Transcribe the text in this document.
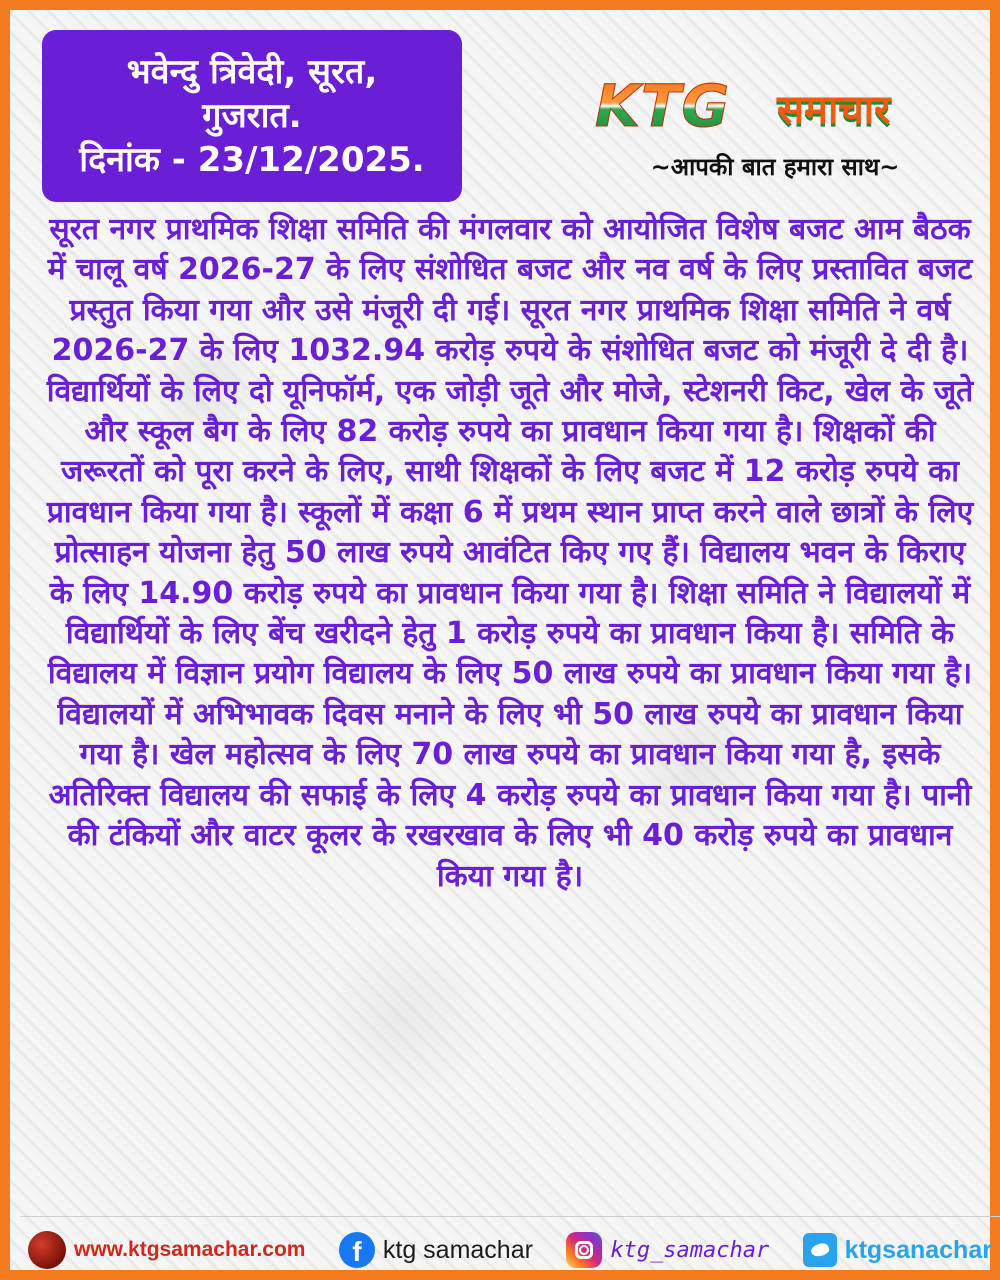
भवेन्दु त्रिवेदी, सूरत,
गुजरात.
दिनांक - 23/12/2025.
KTG समाचार
~आपकी बात हमारा साथ~

सूरत नगर प्राथमिक शिक्षा समिति की मंगलवार को आयोजित विशेष बजट आम बैठक में चालू वर्ष 2026-27 के लिए संशोधित बजट और नव वर्ष के लिए प्रस्तावित बजट प्रस्तुत किया गया और उसे मंजूरी दी गई। सूरत नगर प्राथमिक शिक्षा समिति ने वर्ष 2026-27 के लिए 1032.94 करोड़ रुपये के संशोधित बजट को मंजूरी दे दी है। विद्यार्थियों के लिए दो यूनिफॉर्म, एक जोड़ी जूते और मोजे, स्टेशनरी किट, खेल के जूते और स्कूल बैग के लिए 82 करोड़ रुपये का प्रावधान किया गया है। शिक्षकों की जरूरतों को पूरा करने के लिए, साथी शिक्षकों के लिए बजट में 12 करोड़ रुपये का प्रावधान किया गया है। स्कूलों में कक्षा 6 में प्रथम स्थान प्राप्त करने वाले छात्रों के लिए प्रोत्साहन योजना हेतु 50 लाख रुपये आवंटित किए गए हैं। विद्यालय भवन के किराए के लिए 14.90 करोड़ रुपये का प्रावधान किया गया है। शिक्षा समिति ने विद्यालयों में विद्यार्थियों के लिए बेंच खरीदने हेतु 1 करोड़ रुपये का प्रावधान किया है। समिति के विद्यालय में विज्ञान प्रयोग विद्यालय के लिए 50 लाख रुपये का प्रावधान किया गया है। विद्यालयों में अभिभावक दिवस मनाने के लिए भी 50 लाख रुपये का प्रावधान किया गया है। खेल महोत्सव के लिए 70 लाख रुपये का प्रावधान किया गया है, इसके अतिरिक्त विद्यालय की सफाई के लिए 4 करोड़ रुपये का प्रावधान किया गया है। पानी की टंकियों और वाटर कूलर के रखरखाव के लिए भी 40 करोड़ रुपये का प्रावधान किया गया है।

www.ktgsamachar.com	f ktg samachar	ktg_samachar	ktgsanachar
